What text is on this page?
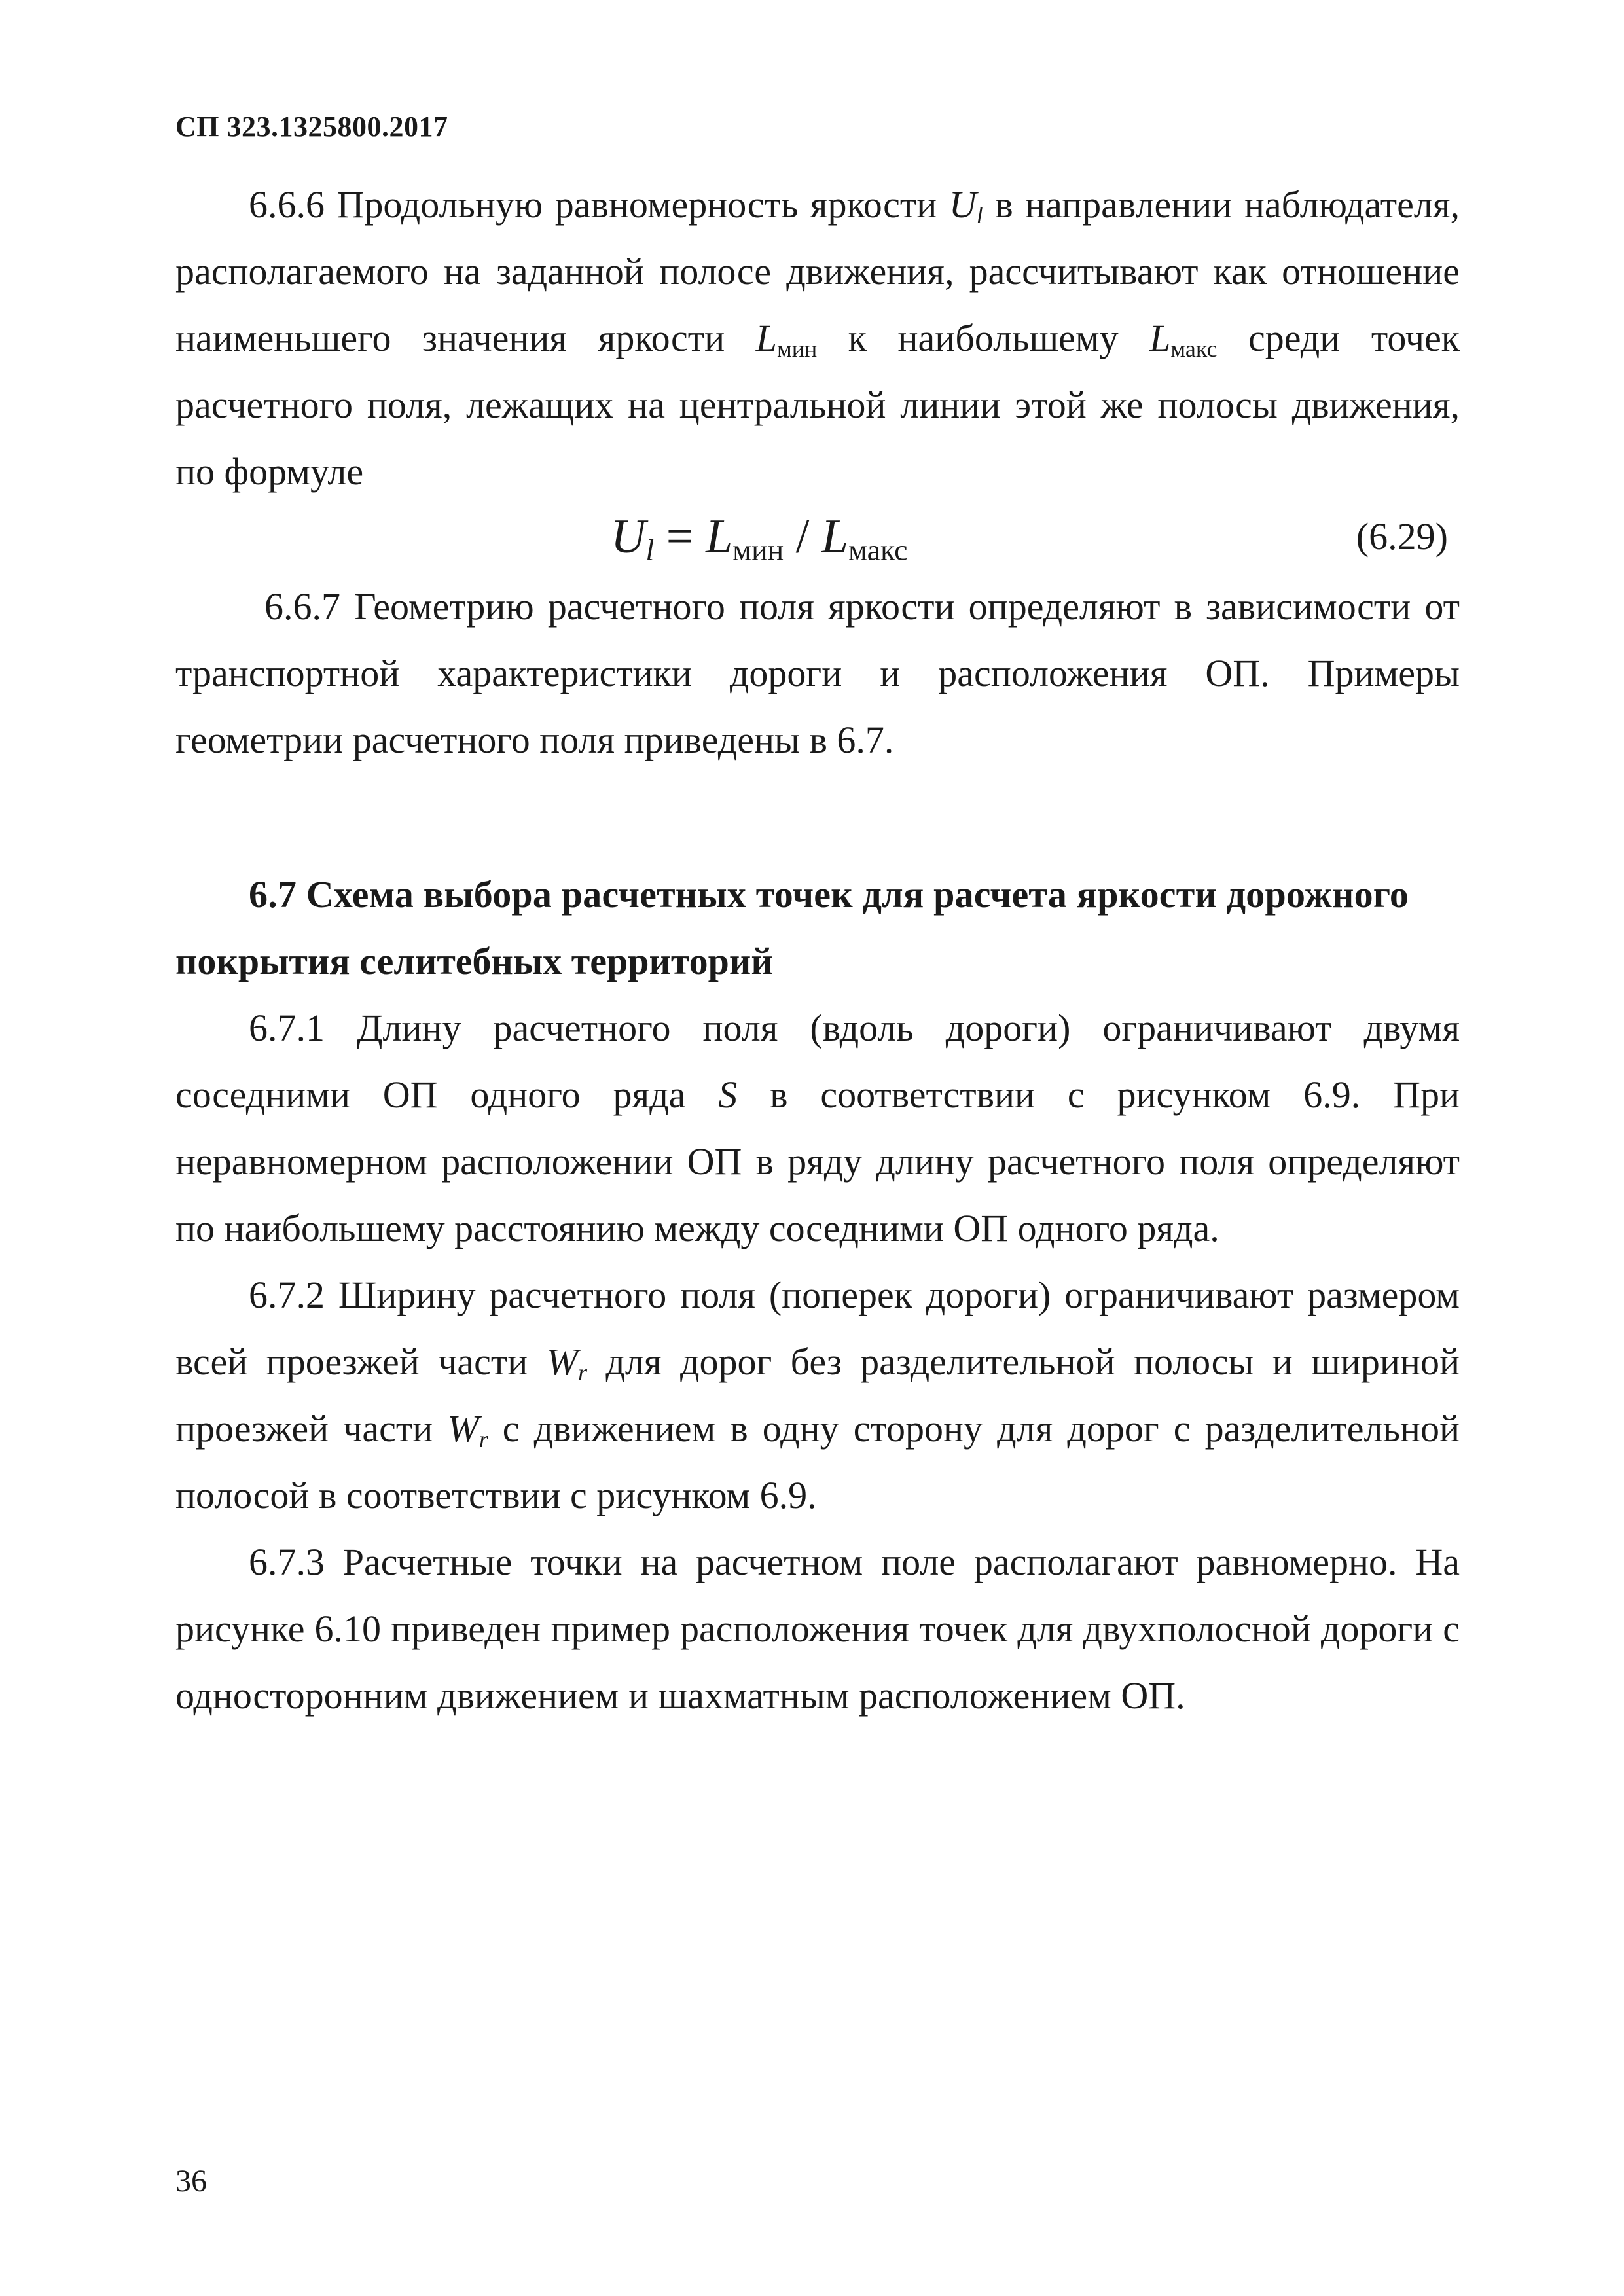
СП 323.1325800.2017

6.6.6 Продольную равномерность яркости Ul в направлении наблюдателя, располагаемого на заданной полосе движения, рассчитывают как отношение наименьшего значения яркости $L_{мин}$ к наибольшему $L_{макс}$ среди точек расчетного поля, лежащих на центральной линии этой же полосы движения, по формуле

$Ul = L_{мин} / L_{макс}$	(6.29)

6.6.7 Геометрию расчетного поля яркости определяют в зависимости от транспортной характеристики дороги и расположения ОП. Примеры геометрии расчетного поля приведены в 6.7.

6.7 Схема выбора расчетных точек для расчета яркости дорожного

покрытия селитебных территорий

6.7.1 Длину расчетного поля (вдоль дороги) ограничивают двумя соседними ОП одного ряда S в соответствии с рисунком 6.9. При неравномерном расположении ОП в ряду длину расчетного поля определяют по наибольшему расстоянию между соседними ОП одного ряда.

6.7.2 Ширину расчетного поля (поперек дороги) ограничивают размером всей проезжей части Wr для дорог без разделительной полосы и шириной проезжей части Wr с движением в одну сторону для дорог с разделительной полосой в соответствии с рисунком 6.9.

6.7.3 Расчетные точки на расчетном поле располагают равномерно. На рисунке 6.10 приведен пример расположения точек для двухполосной дороги с односторонним движением и шахматным расположением ОП.

36
